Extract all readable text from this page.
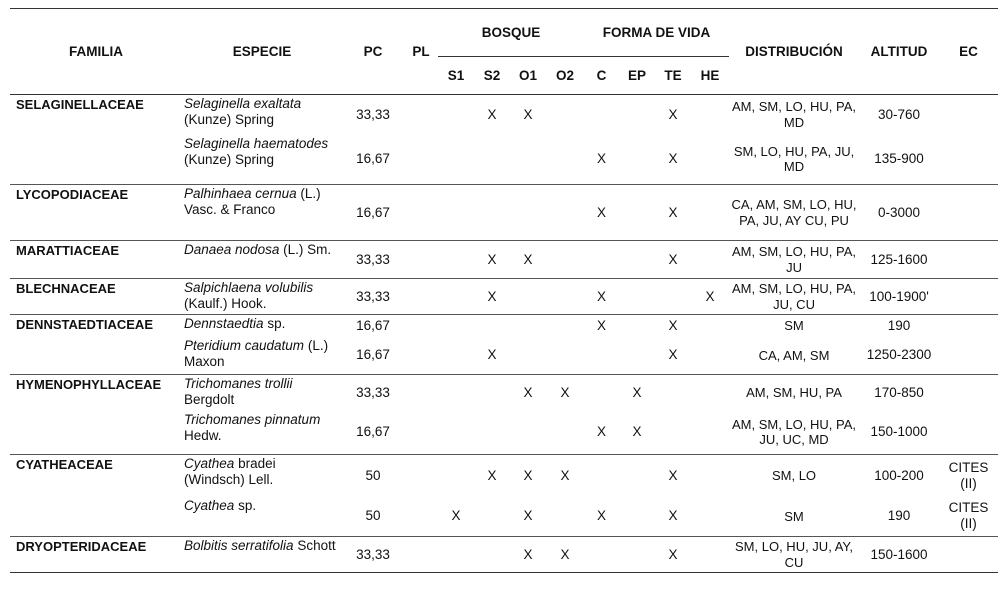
FAMILIA	ESPECIE	PC	PL	BOSQUE				FORMA DE VIDA				DISTRIBUCIÓN	ALTITUD	EC
				S1	S2	O1	O2	C	EP	TE	HE			
SELAGINELLACEAE	Selaginella exaltata (Kunze) Spring	33,33			X	X				X		AM, SM, LO, HU, PA, MD	30-760	
	Selaginella haematodes (Kunze) Spring	16,67						X		X		SM, LO, HU, PA, JU, MD	135-900	
LYCOPODIACEAE	Palhinhaea cernua (L.) Vasc. & Franco	16,67						X		X		CA, AM, SM, LO, HU, PA, JU, AY CU, PU	0-3000	
MARATTIACEAE	Danaea nodosa (L.) Sm.	33,33			X	X				X		AM, SM, LO, HU, PA, JU	125-1600	
BLECHNACEAE	Salpichlaena volubilis (Kaulf.) Hook.	33,33			X			X			X	AM, SM, LO, HU, PA, JU, CU	100-1900'	
DENNSTAEDTIACEAE	Dennstaedtia sp.	16,67						X		X		SM	190	
	Pteridium caudatum (L.) Maxon	16,67			X					X		CA, AM, SM	1250-2300	
HYMENOPHYLLACEAE	Trichomanes trollii Bergdolt	33,33				X	X		X			AM, SM, HU, PA	170-850	
	Trichomanes pinnatum Hedw.	16,67						X	X			AM, SM, LO, HU, PA, JU, UC, MD	150-1000	
CYATHEACEAE	Cyathea bradei (Windsch) Lell.	50			X	X	X			X		SM, LO	100-200	CITES (II)
	Cyathea sp.	50		X		X		X		X		SM	190	CITES (II)
DRYOPTERIDACEAE	Bolbitis serratifolia Schott	33,33				X	X			X		SM, LO, HU, JU, AY, CU	150-1600	
